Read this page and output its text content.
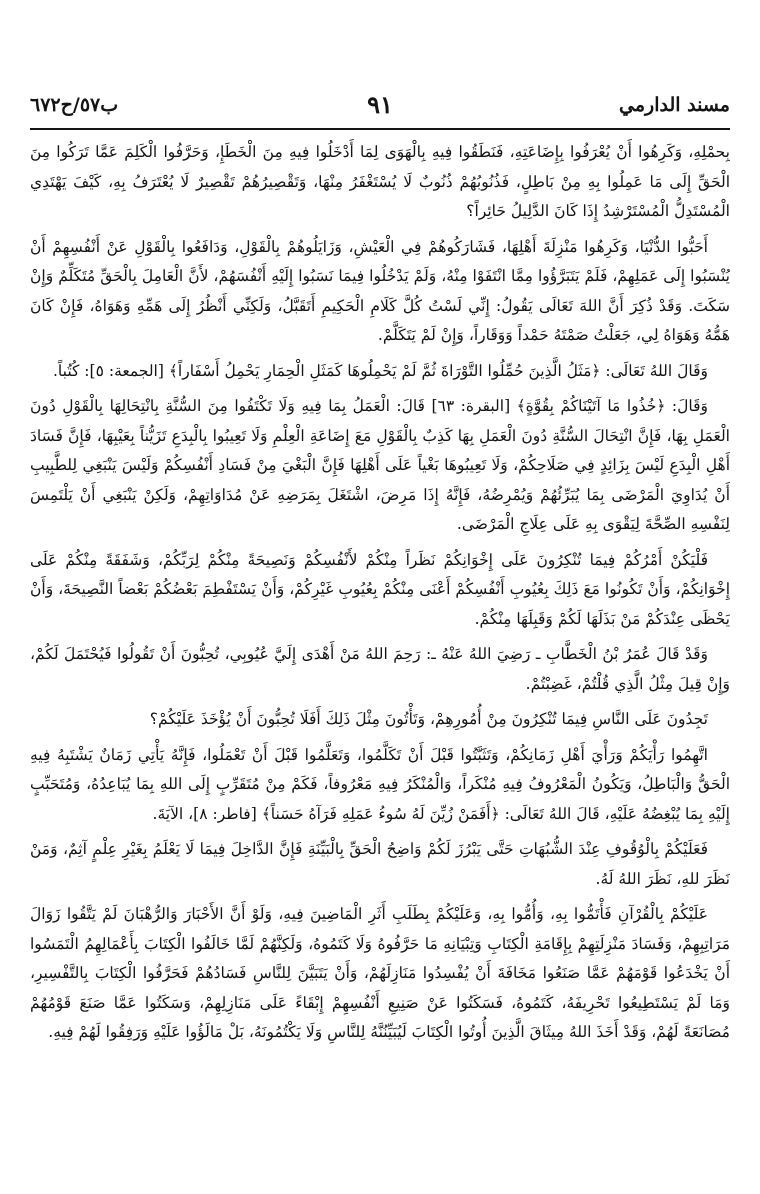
مسند الدارمي
٩١
ب٥٧/ح٦٧٢

بِحمْلِهِ، وَكَرِهُوا أَنْ يُعْرَفُوا بِإِضَاعَتِهِ، فَنَطَقُوا فِيهِ بِالْهَوَى لِمَا أَدْخَلُوا فِيهِ مِنَ الْخَطَإِ، وَحَرَّفُوا الْكَلِمَ عَمَّا تَرَكُوا مِنَ الْحَقِّ إِلَى مَا عَمِلُوا بِهِ مِنْ بَاطِلٍ، فَذُنُوبُهُمْ ذُنُوبٌ لَا يُسْتَغْفَرُ مِنْهَا، وَتَقْصِيرُهُمْ تَقْصِيرٌ لَا يُعْتَرَفُ بِهِ، كَيْفَ يَهْتَدِي الْمُسْتَدِلُّ الْمُسْتَرْشِدُ إِذَا كَانَ الدَّلِيلُ حَائِراً؟

أَحَبُّوا الدُّنْيَا، وَكَرِهُوا مَنْزِلَةَ أَهْلِهَا، فَشَارَكُوهُمْ فِي الْعَيْشِ، وَزَايَلُوهُمْ بِالْقَوْلِ، وَدَافَعُوا بِالْقَوْلِ عَنْ أَنْفُسِهِمْ أَنْ يُنْسَبُوا إِلَى عَمَلِهِمْ، فَلَمْ يَتَبَرَّؤُوا مِمَّا انْتَفَوْا مِنْهُ، وَلَمْ يَدْخُلُوا فِيمَا نَسَبُوا إِلَيْهِ أَنْفُسَهُمْ، لأَنَّ الْعَامِلَ بِالْحَقِّ مُتَكَلِّمٌ وَإِنْ سَكَتَ. وَقَدْ ذُكِرَ أَنَّ اللهَ تَعَالَى يَقُولُ: إِنِّي لَسْتُ كُلَّ كَلَامِ الْحَكِيمِ أَتَقَبَّلُ، وَلَكِنِّي أَنْظُرُ إِلَى هَمِّهِ وَهَوَاهُ، فَإِنْ كَانَ هَمُّهُ وَهَوَاهُ لِي، جَعَلْتُ صَمْتَهُ حَمْداً وَوَقَاراً، وَإِنْ لَمْ يَتَكَلَّمْ.

وَقَالَ اللهُ تَعَالَى: ﴿مَثَلُ الَّذِينَ حُمِّلُوا التَّوْرَاةَ ثُمَّ لَمْ يَحْمِلُوهَا كَمَثَلِ الْحِمَارِ يَحْمِلُ أَسْفَاراً﴾ [الجمعة: ٥]: كُتُباً.

وَقَالَ: ﴿خُذُوا مَا آتَيْنَاكُمْ بِقُوَّةٍ﴾ [البقرة: ٦٣] قَالَ: الْعَمَلُ بِمَا فِيهِ وَلَا تَكْتَفُوا مِنَ السُّنَّةِ بِانْتِحَالِهَا بِالْقَوْلِ دُونَ الْعَمَلِ بِهَا، فَإِنَّ انْتِحَالَ السُّنَّةِ دُونَ الْعَمَلِ بِهَا كَذِبٌ بِالْقَوْلِ مَعَ إِضَاعَةِ الْعِلْمِ وَلَا تَعِيبُوا بِالْبِدَعِ تَزَيُّناً بِعَيْبِهَا، فَإِنَّ فَسَادَ أَهْلِ الْبِدَعِ لَيْسَ بِزَائِدٍ فِي صَلَاحِكُمْ، وَلَا تَعِيبُوهَا بَغْياً عَلَى أَهْلِهَا فَإِنَّ الْبَغْيَ مِنْ فَسَادِ أَنْفُسِكُمْ وَلَيْسَ يَنْبَغِي لِلطَّبِيبِ أَنْ يُدَاوِيَ الْمَرْضَى بِمَا يُبَرِّئُهُمْ وَيُمْرِضُهُ، فَإِنَّهُ إِذَا مَرِضَ، اشْتَغَلَ بِمَرَضِهِ عَنْ مُدَاوَاتِهِمْ، وَلَكِنْ يَنْبَغِي أَنْ يَلْتَمِسَ لِنَفْسِهِ الصِّحَّةَ لِيَقْوَى بِهِ عَلَى عِلَاجِ الْمَرْضَى.

فَلْيَكُنْ أَمْرُكُمْ فِيمَا تُنْكِرُونَ عَلَى إِخْوَانِكُمْ نَظَراً مِنْكُمْ لأَنْفُسِكُمْ وَنَصِيحَةً مِنْكُمْ لِرَبِّكُمْ، وَشَفَقَةً مِنْكُمْ عَلَى إِخْوَانِكُمْ، وَأَنْ تَكُونُوا مَعَ ذَلِكَ بِعُيُوبِ أَنْفُسِكُمْ أَعْنَى مِنْكُمْ بِعُيُوبِ غَيْرِكُمْ، وَأَنْ يَسْتَفْطِمَ بَعْضُكُمْ بَعْضاً النَّصِيحَةَ، وَأَنْ يَحْظَى عِنْدَكُمْ مَنْ بَذَلَهَا لَكُمْ وَقَبِلَهَا مِنْكُمْ.

وَقَدْ قَالَ عُمَرُ بْنُ الْخَطَّابِ ـ رَضِيَ اللهُ عَنْهُ ـ: رَحِمَ اللهُ مَنْ أَهْدَى إِلَيَّ عُيُوبِي، تُحِبُّونَ أَنْ تَقُولُوا فَيُحْتَمَلَ لَكُمْ، وَإِنْ قِيلَ مِثْلُ الَّذِي قُلْتُمْ، غَضِبْتُمْ.

تَجِدُونَ عَلَى النَّاسِ فِيمَا تُنْكِرُونَ مِنْ أُمُورِهِمْ، وَتَأْتُونَ مِثْلَ ذَلِكَ أَفَلَا تُحِبُّونَ أَنْ يُؤْخَذَ عَلَيْكُمْ؟

اتَّهِمُوا رَأْيَكُمْ وَرَأْيَ أَهْلِ زَمَانِكُمْ، وَتَثَبَّتُوا قَبْلَ أَنْ تَكَلَّمُوا، وَتَعَلَّمُوا قَبْلَ أَنْ تَعْمَلُوا، فَإِنَّهُ يَأْتِي زَمَانٌ يَشْتَبِهُ فِيهِ الْحَقُّ وَالْبَاطِلُ، وَيَكُونُ الْمَعْرُوفُ فِيهِ مُنْكَراً، وَالْمُنْكَرُ فِيهِ مَعْرُوفاً، فَكَمْ مِنْ مُتَقَرِّبٍ إِلَى اللهِ بِمَا يُبَاعِدُهُ، وَمُتَحَبِّبٍ إِلَيْهِ بِمَا يُبْغِضُهُ عَلَيْهِ، قَالَ اللهُ تَعَالَى: ﴿أَفَمَنْ زُيِّنَ لَهُ سُوءُ عَمَلِهِ فَرَآهُ حَسَناً﴾ [فاطر: ٨]، الآيَةَ.

فَعَلَيْكُمْ بِالْوُقُوفِ عِنْدَ الشُّبُهَاتِ حَتَّى يَبْرُزَ لَكُمْ وَاضِحُ الْحَقِّ بِالْبَيِّنَةِ فَإِنَّ الدَّاخِلَ فِيمَا لَا يَعْلَمُ بِغَيْرِ عِلْمٍ آثِمٌ، وَمَنْ نَظَرَ للهِ، نَظَرَ اللهُ لَهُ.

عَلَيْكُمْ بِالْقُرْآنِ فَأْتَمُّوا بِهِ، وَأُمُّوا بِهِ، وَعَلَيْكُمْ بِطَلَبِ أَثَرِ الْمَاضِينَ فِيهِ، وَلَوْ أَنَّ الأَحْبَارَ وَالرُّهْبَانَ لَمْ يَتَّقُوا زَوَالَ مَرَاتِبِهِمْ، وَفَسَادَ مَنْزِلَتِهِمْ بِإِقَامَةِ الْكِتَابِ وَتِبْيَانِهِ مَا حَرَّفُوهُ وَلَا كَتَمُوهُ، وَلَكِنَّهُمْ لَمَّا خَالَفُوا الْكِتَابَ بِأَعْمَالِهِمُ الْتَمَسُوا أَنْ يَخْدَعُوا قَوْمَهُمْ عَمَّا صَنَعُوا مَخَافَةَ أَنْ يُفْسِدُوا مَنَازِلَهُمْ، وَأَنْ يَتَبَيَّنَ لِلنَّاسِ فَسَادُهُمْ فَحَرَّفُوا الْكِتَابَ بِالتَّفْسِيرِ، وَمَا لَمْ يَسْتَطِيعُوا تَحْرِيفَهُ، كَتَمُوهُ، فَسَكَتُوا عَنْ صَنِيعِ أَنْفُسِهِمْ إِبْقَاءً عَلَى مَنَازِلِهِمْ، وَسَكَتُوا عَمَّا صَنَعَ قَوْمُهُمْ مُصَانَعَةً لَهُمْ، وَقَدْ أَخَذَ اللهُ مِيثَاقَ الَّذِينَ أُوتُوا الْكِتَابَ لَيُبَيِّنُنَّهُ لِلنَّاسِ وَلَا يَكْتُمُونَهُ، بَلْ مَالَؤُوا عَلَيْهِ وَرَفِقُوا لَهُمْ فِيهِ.
